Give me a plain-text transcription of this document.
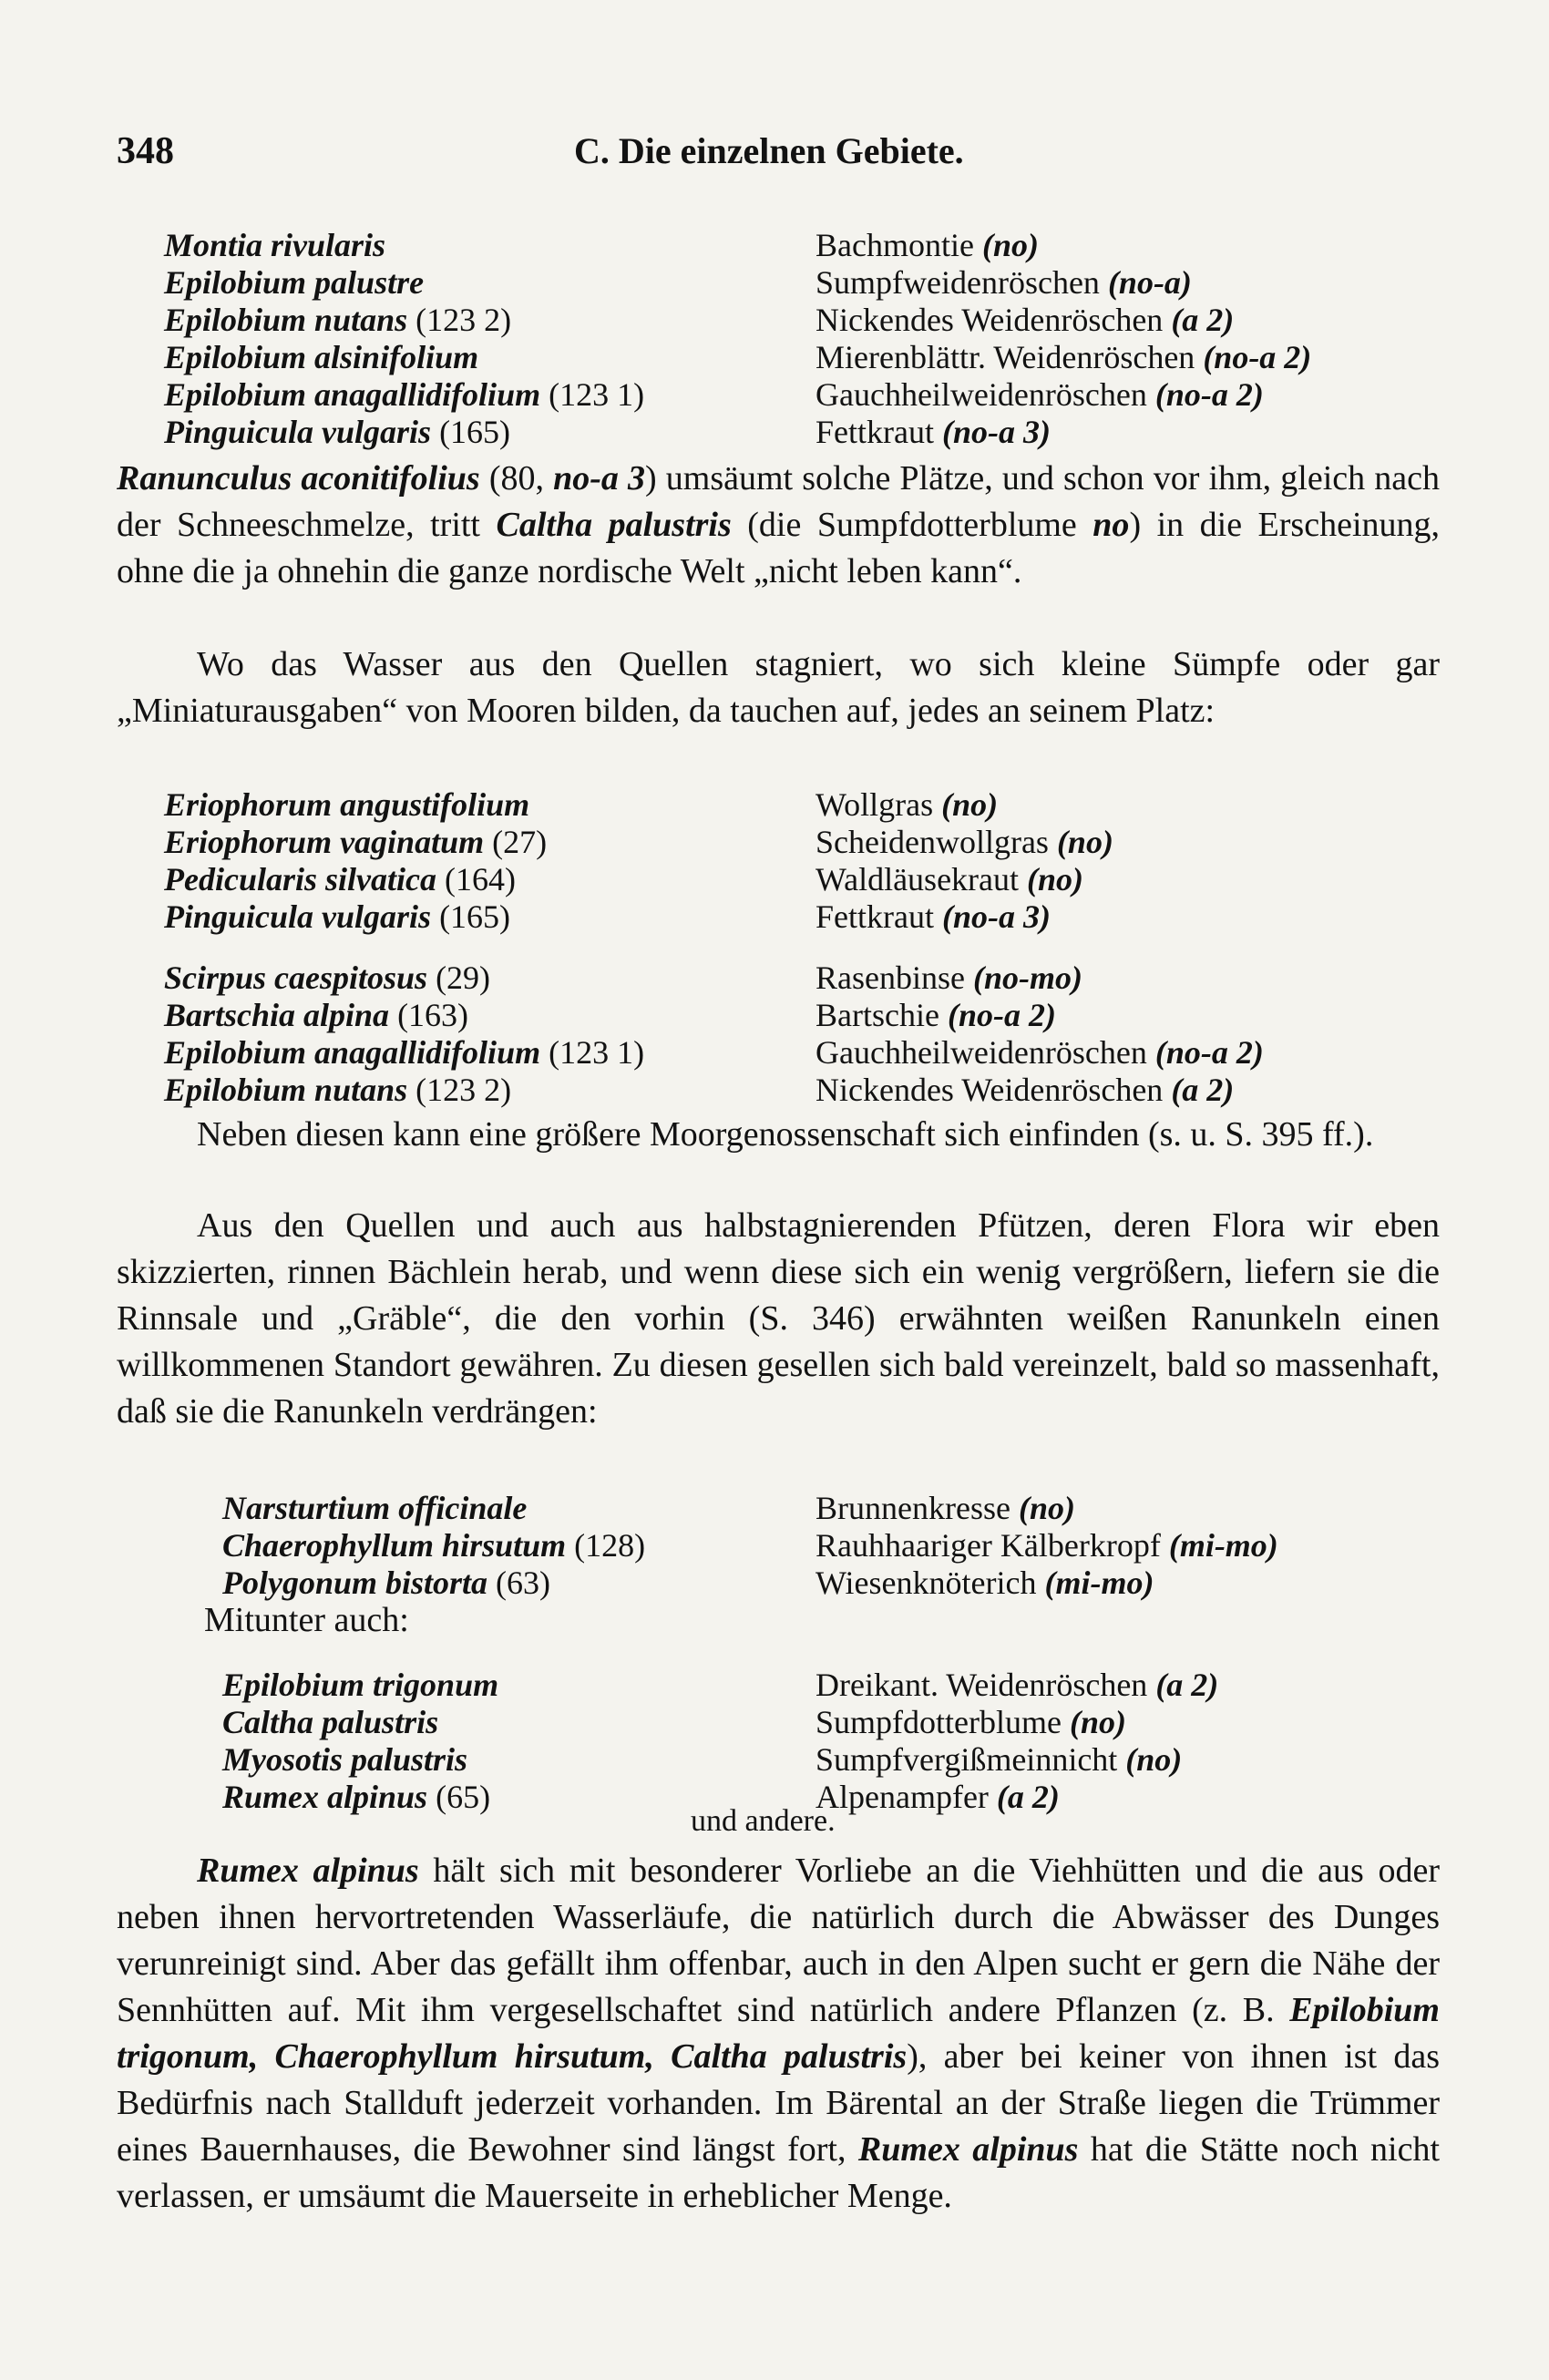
348	C. Die einzelnen Gebiete.
Montia rivularis	Bachmontie (no)
Epilobium palustre	Sumpfweidenröschen (no-a)
Epilobium nutans (123 2)	Nickendes Weidenröschen (a 2)
Epilobium alsinifolium	Mierenblättr. Weidenröschen (no-a 2)
Epilobium anagallidifolium (123 1)	Gauchheilweidenröschen (no-a 2)
Pinguicula vulgaris (165)	Fettkraut (no-a 3)
Ranunculus aconitifolius (80, no-a 3) umsäumt solche Plätze, und schon vor ihm, gleich nach der Schneeschmelze, tritt Caltha palustris (die Sumpfdotterblume no) in die Erscheinung, ohne die ja ohnehin die ganze nordische Welt „nicht leben kann“.
Wo das Wasser aus den Quellen stagniert, wo sich kleine Sümpfe oder gar „Miniaturausgaben“ von Mooren bilden, da tauchen auf, jedes an seinem Platz:
Eriophorum angustifolium	Wollgras (no)
Eriophorum vaginatum (27)	Scheidenwollgras (no)
Pedicularis silvatica (164)	Waldläusekraut (no)
Pinguicula vulgaris (165)	Fettkraut (no-a 3)
Scirpus caespitosus (29)	Rasenbinse (no-mo)
Bartschia alpina (163)	Bartschie (no-a 2)
Epilobium anagallidifolium (123 1)	Gauchheilweidenröschen (no-a 2)
Epilobium nutans (123 2)	Nickendes Weidenröschen (a 2)
Neben diesen kann eine größere Moorgenossenschaft sich einfinden (s. u. S. 395 ff.).
Aus den Quellen und auch aus halbstagnierenden Pfützen, deren Flora wir eben skizzierten, rinnen Bächlein herab, und wenn diese sich ein wenig vergrößern, liefern sie die Rinnsale und „Gräble“, die den vorhin (S. 346) erwähnten weißen Ranunkeln einen willkommenen Standort gewähren. Zu diesen gesellen sich bald vereinzelt, bald so massenhaft, daß sie die Ranunkeln verdrängen:
Narsturtium officinale	Brunnenkresse (no)
Chaerophyllum hirsutum (128)	Rauhhaariger Kälberkropf (mi-mo)
Polygonum bistorta (63)	Wiesenknöterich (mi-mo)
Mitunter auch:
Epilobium trigonum	Dreikant. Weidenröschen (a 2)
Caltha palustris	Sumpfdotterblume (no)
Myosotis palustris	Sumpfvergißmeinnicht (no)
Rumex alpinus (65)	Alpenampfer (a 2)
und andere.
Rumex alpinus hält sich mit besonderer Vorliebe an die Viehhütten und die aus oder neben ihnen hervortretenden Wasserläufe, die natürlich durch die Abwässer des Dunges verunreinigt sind. Aber das gefällt ihm offenbar, auch in den Alpen sucht er gern die Nähe der Sennhütten auf. Mit ihm vergesellschaftet sind natürlich andere Pflanzen (z. B. Epilobium trigonum, Chaerophyllum hirsutum, Caltha palustris), aber bei keiner von ihnen ist das Bedürfnis nach Stallduft jederzeit vorhanden. Im Bärental an der Straße liegen die Trümmer eines Bauernhauses, die Bewohner sind längst fort, Rumex alpinus hat die Stätte noch nicht verlassen, er umsäumt die Mauerseite in erheblicher Menge.
